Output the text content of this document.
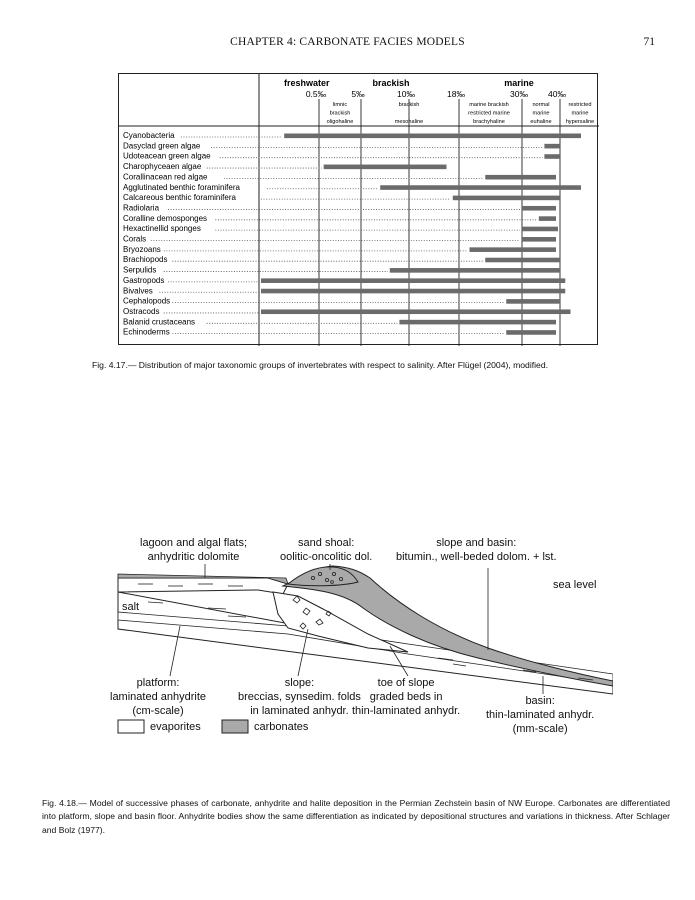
CHAPTER 4: CARBONATE FACIES MODELS	71
freshwater	brackish	marine
0.5‰	5‰	10‰	18‰	30‰ 40‰
limnic
brackish
oligohaline
brackish
mesohaline
marine brackish
restricted marine
brachyhaline
normal
marine
euhaline
restricted
marine
hypersaline
Cyanobacteria
Dasyclad green algae
Udoteacean green algae
Charophyceaen algae
Corallinacean red algae
Agglutinated benthic foraminifera
Calcareous benthic foraminifera
Radiolaria
Coralline demosponges
Hexactinellid sponges
Corals
Bryozoans
Brachiopods
Serpulids
Gastropods
Bivalves
Cephalopods
Ostracods
Balanid crustaceans
Echinoderms
Fig. 4.17.— Distribution of major taxonomic groups of invertebrates with respect to salinity. After Flügel (2004), modified.
lagoon and algal flats;
anhydritic dolomite
sand shoal:
oolitic-oncolitic dol.
slope and basin:
bitumin., well-beded dolom. + lst.
sea level
salt
platform:
laminated anhydrite
(cm-scale)
slope:
breccias, synsedim. folds
in laminated anhydr.
toe of slope
graded beds in
thin-laminated anhydr.
basin:
thin-laminated anhydr.
(mm-scale)
evaporites	carbonates
Fig. 4.18.— Model of successive phases of carbonate, anhydrite and halite deposition in the Permian Zechstein basin of NW Europe. Carbonates are differentiated into platform, slope and basin floor. Anhydrite bodies show the same differentiation as indicated by depositional structures and variations in thickness. After Schlager and Bolz (1977).
